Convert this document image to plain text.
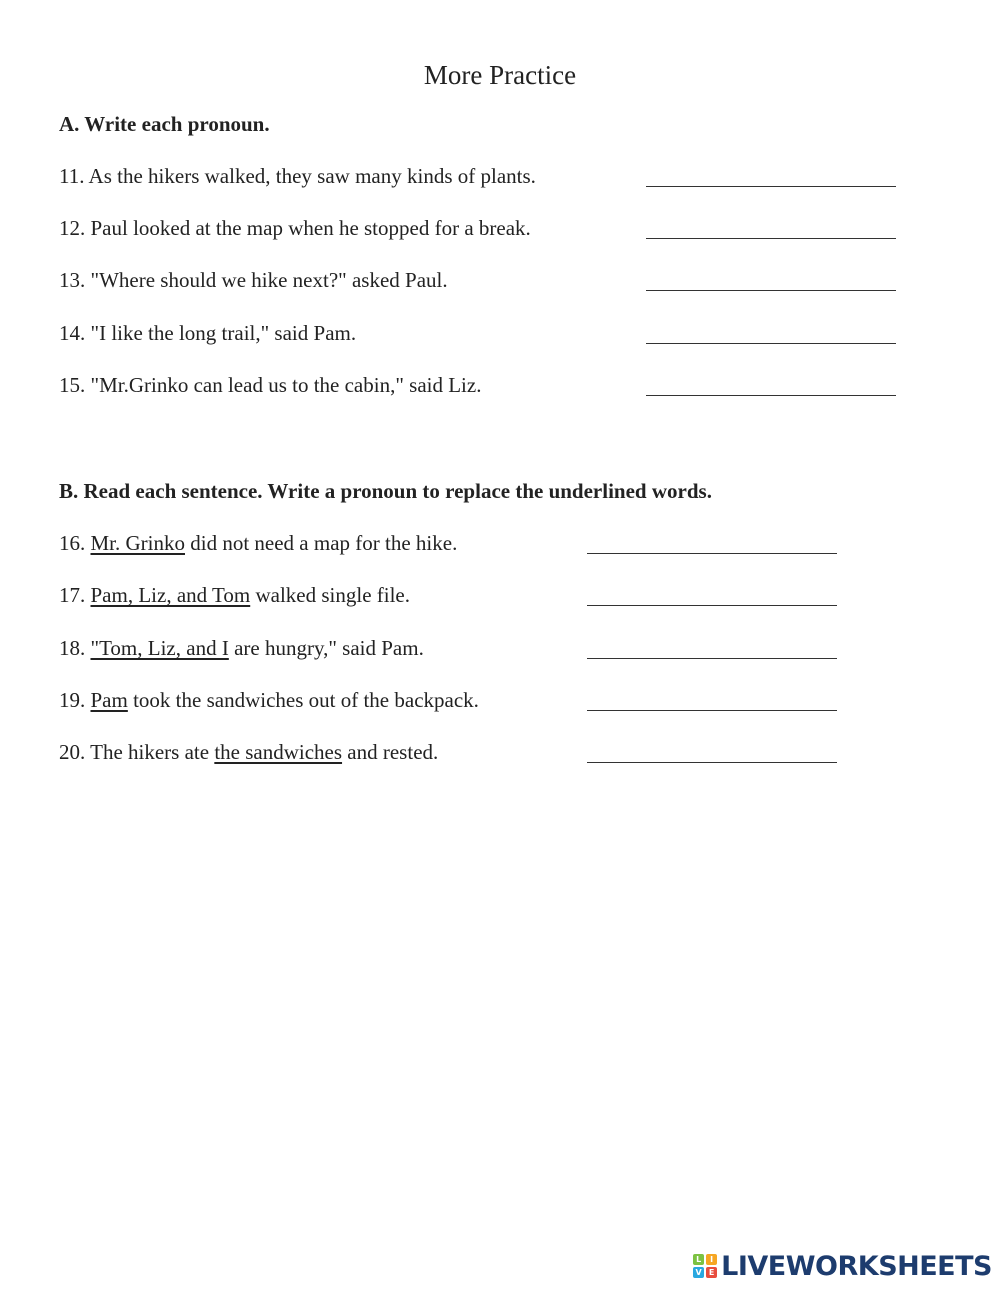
More Practice
A. Write each pronoun.
11. As the hikers walked, they saw many kinds of plants.
12. Paul looked at the map when he stopped for a break.
13. "Where should we hike next?" asked Paul.
14. "I like the long trail," said Pam.
15. "Mr.Grinko can lead us to the cabin," said Liz.
B. Read each sentence. Write a pronoun to replace the underlined words.
16. Mr. Grinko did not need a map for the hike.
17. Pam, Liz, and Tom walked single file.
18. "Tom, Liz, and I are hungry," said Pam.
19. Pam took the sandwiches out of the backpack.
20. The hikers ate the sandwiches and rested.
L	I
V E LIVEWORKSHEETS
